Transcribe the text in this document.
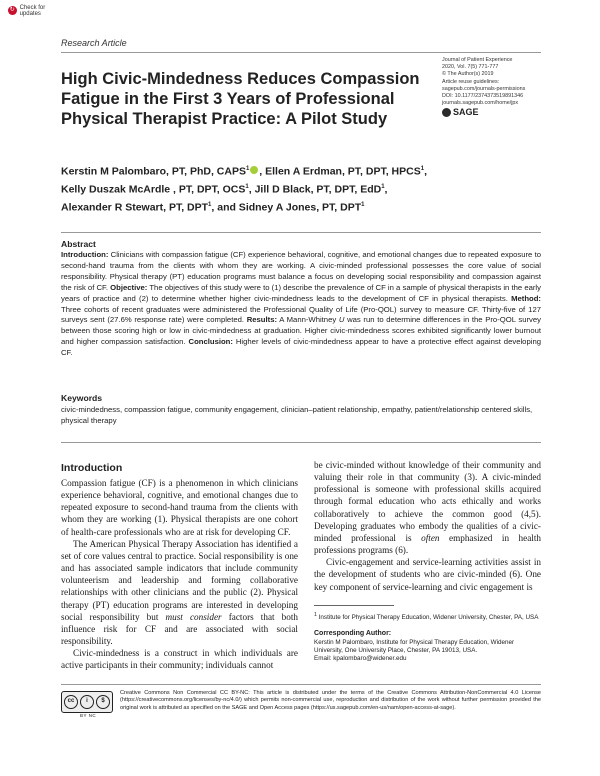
↻ Check for updates
Research Article
High Civic-Mindedness Reduces Compassion Fatigue in the First 3 Years of Professional Physical Therapist Practice: A Pilot Study
Journal of Patient Experience
2020, Vol. 7(5) 771-777
© The Author(s) 2019
Article reuse guidelines:
sagepub.com/journals-permissions
DOI: 10.1177/2374373519891346
journals.sagepub.com/home/jpx
SAGE
Kerstin M Palombaro, PT, PhD, CAPS$^1$ , Ellen A Erdman, PT, DPT, HPCS$^1$,
Kelly Duszak McArdle , PT, DPT, OCS$^1$, Jill D Black, PT, DPT, EdD$^1$,
Alexander R Stewart, PT, DPT$^1$, and Sidney A Jones, PT, DPT$^1$
Abstract
Introduction: Clinicians with compassion fatigue (CF) experience behavioral, cognitive, and emotional changes due to repeated exposure to second-hand trauma from the clients with whom they are working. A civic-minded professional possesses the core value of social responsibility. Physical therapy (PT) education programs must balance a focus on developing social responsibility and compassion against the risk of CF. Objective: The objectives of this study were to (1) describe the prevalence of CF in a sample of physical therapists in the early years of practice and (2) to determine whether higher civic-mindedness leads to the development of CF in physical therapists. Method: Three cohorts of recent graduates were administered the Professional Quality of Life (Pro-QOL) survey to measure CF. Thirty-five of 127 surveys sent (27.6% response rate) were completed. Results: A Mann-Whitney U was run to determine differences in the Pro-QOL survey between those scoring high or low in civic-mindedness at graduation. Higher civic-mindedness scores exhibited significantly lower burnout and higher compassion satisfaction. Conclusion: Higher levels of civic-mindedness appear to have a protective effect against developing CF.
Keywords
civic-mindedness, compassion fatigue, community engagement, clinician–patient relationship, empathy, patient/relationship centered skills, physical therapy
Introduction

Compassion fatigue (CF) is a phenomenon in which clinicians experience behavioral, cognitive, and emotional changes due to repeated exposure to second-hand trauma from the clients with whom they are working (1). Physical therapists are one cohort of health-care professionals who are at risk for developing CF.

The American Physical Therapy Association has identified a set of core values central to practice. Social responsibility is one and has associated sample indicators that include community volunteerism and leadership and forming collaborative relationships with other clinicians and the public (2). Physical therapy (PT) education programs are interested in developing social responsibility but must consider factors that both influence risk for CF and are associated with social responsibility.

Civic-mindedness is a construct in which individuals are active participants in their community; individuals cannot

be civic-minded without knowledge of their community and valuing their role in that community (3). A civic-minded professional is someone with professional skills acquired through formal education who acts ethically and works collaboratively to achieve the common good (4,5). Developing graduates who embody the qualities of a civic-minded professional is often emphasized in health professions programs (6).

Civic-engagement and service-learning activities assist in the development of students who are civic-minded (6). One key component of service-learning and civic engagement is

$^1$ Institute for Physical Therapy Education, Widener University, Chester, PA, USA

Corresponding Author:

Kerstin M Palombaro, Institute for Physical Therapy Education, Widener University, One University Place, Chester, PA 19013, USA.

Email: kpalombaro@widener.edu

cc	i	$
BY NC
Creative Commons Non Commercial CC BY-NC: This article is distributed under the terms of the Creative Commons Attribution-NonCommercial 4.0 License (https://creativecommons.org/licenses/by-nc/4.0/) which permits non-commercial use, reproduction and distribution of the work without further permission provided the original work is attributed as specified on the SAGE and Open Access pages (https://us.sagepub.com/en-us/nam/open-access-at-sage).
